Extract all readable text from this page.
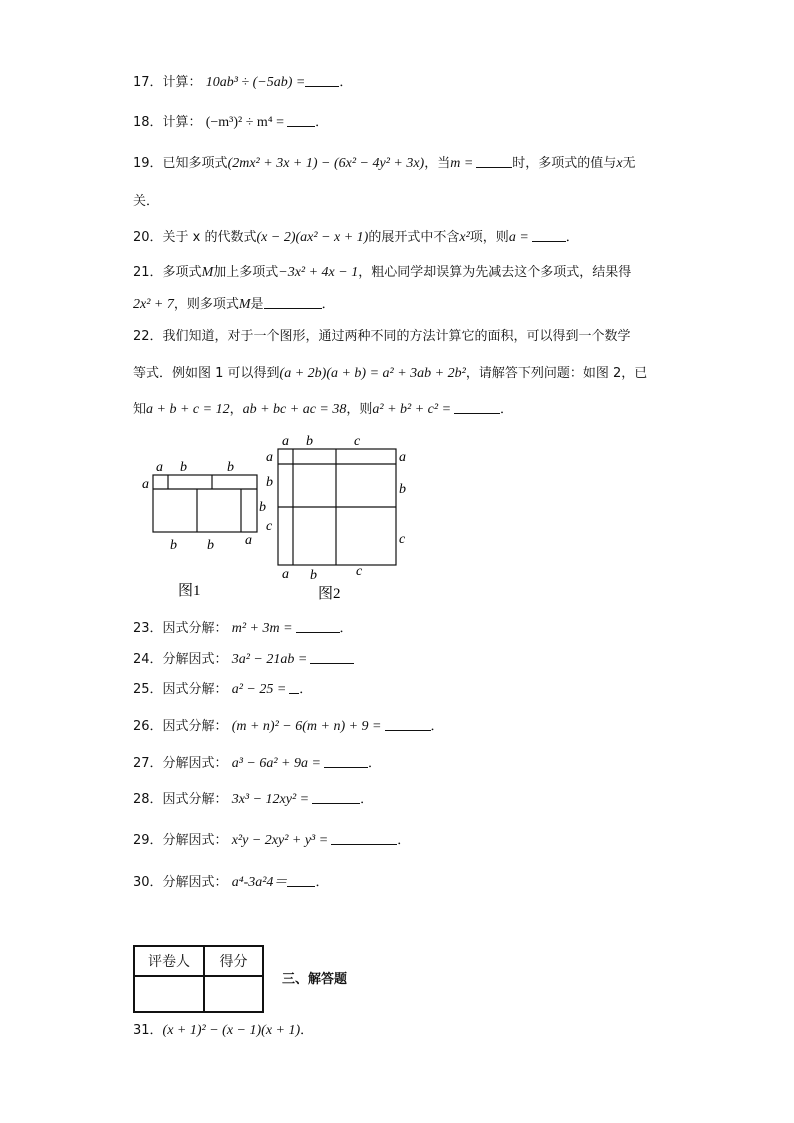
17．计算： 10ab³ ÷ (−5ab) =	．
18．计算： (−m³)² ÷ m⁴ = ．
19．已知多项式(2mx² + 3x + 1) − (6x² − 4y² + 3x)，当m =	时，多项式的值与x无
关．
20．关于 x 的代数式(x − 2)(ax² − x + 1)的展开式中不含x²项，则a =	．
21．多项式M加上多项式−3x² + 4x − 1，粗心同学却误算为先减去这个多项式，结果得
2x² + 7，则多项式M是	．
22．我们知道，对于一个图形，通过两种不同的方法计算它的面积，可以得到一个数学
等式．例如图 1 可以得到(a + 2b)(a + b) = a² + 3ab + 2b²，请解答下列问题：如图 2，已
知a + b + c = 12，ab + bc + ac = 38，则a² + b² + c² =	．
a b	b
a
b
b b a
图1
a b	c
a
b
c
a
b
c
a b	c
图2
23．因式分解： m² + 3m =	．
24．分解因式： 3a² − 21ab =
25．因式分解： a² − 25 = ．
26．因式分解： (m + n)² − 6(m + n) + 9 =	．
27．分解因式： a³ − 6a² + 9a =	．
28．因式分解： 3x³ − 12xy² =	．
29．分解因式： x²y − 2xy² + y³ =	．
30．分解因式： a⁴-3a²4＝ ．
评卷人	得分

三、解答题
31．(x + 1)² − (x − 1)(x + 1)．
